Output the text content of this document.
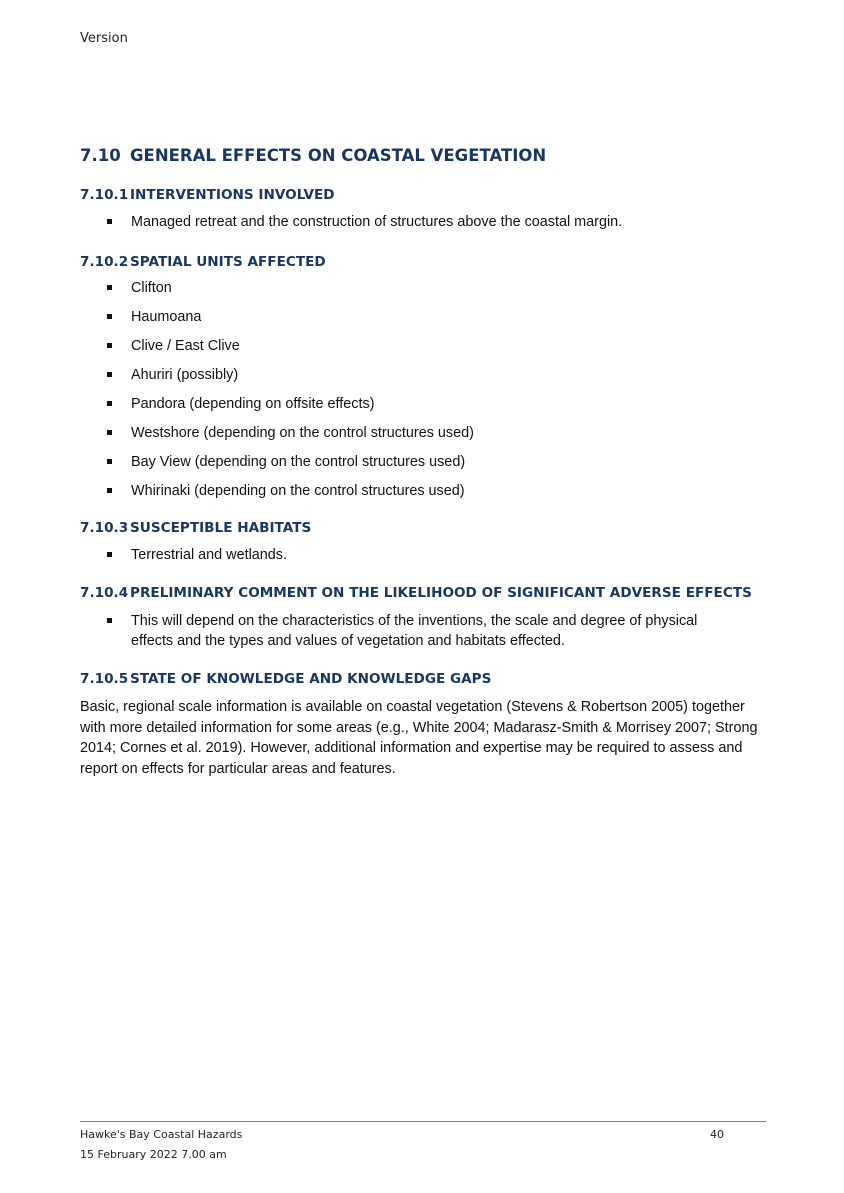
Version
7.10 GENERAL EFFECTS ON COASTAL VEGETATION
7.10.1 INTERVENTIONS INVOLVED
Managed retreat and the construction of structures above the coastal margin.
7.10.2 SPATIAL UNITS AFFECTED
Clifton
Haumoana
Clive / East Clive
Ahuriri (possibly)
Pandora (depending on offsite effects)
Westshore (depending on the control structures used)
Bay View (depending on the control structures used)
Whirinaki (depending on the control structures used)
7.10.3 SUSCEPTIBLE HABITATS
Terrestrial and wetlands.
7.10.4 PRELIMINARY COMMENT ON THE LIKELIHOOD OF SIGNIFICANT ADVERSE EFFECTS
This will depend on the characteristics of the inventions, the scale and degree of physical effects and the types and values of vegetation and habitats effected.
7.10.5 STATE OF KNOWLEDGE AND KNOWLEDGE GAPS

Basic, regional scale information is available on coastal vegetation (Stevens & Robertson 2005) together with more detailed information for some areas (e.g., White 2004; Madarasz-Smith & Morrisey 2007; Strong 2014; Cornes et al. 2019). However, additional information and expertise may be required to assess and report on effects for particular areas and features.

Hawke's Bay Coastal Hazards	40
15 February 2022 7.00 am
